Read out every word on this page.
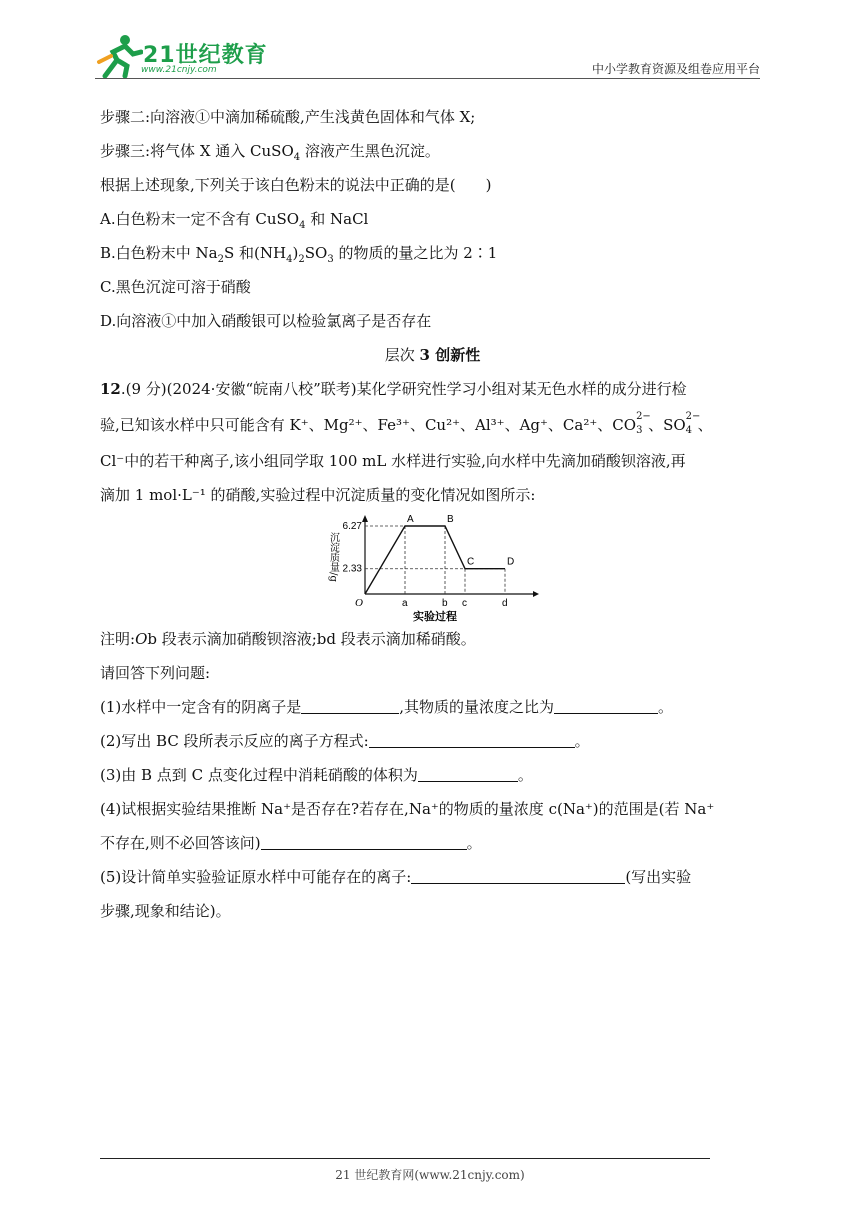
21世纪教育
www.21cnjy.com	中小学教育资源及组卷应用平台
步骤二:向溶液①中滴加稀硫酸,产生浅黄色固体和气体 X;
步骤三:将气体 X 通入 CuSO$_4$ 溶液产生黑色沉淀。
根据上述现象,下列关于该白色粉末的说法中正确的是(　　)
A.白色粉末一定不含有 CuSO$_4$ 和 NaCl
B.白色粉末中 $Na_2S$ 和$(NH_4)_2SO_3$ 的物质的量之比为 2∶1
C.黑色沉淀可溶于硝酸
D.向溶液①中加入硝酸银可以检验氯离子是否存在
层次 3 创新性
12.(9 分)(2024·安徽“皖南八校”联考)某化学研究性学习小组对某无色水样的成分进行检
验,已知该水样中只可能含有 K⁺、Mg²⁺、Fe³⁺、Cu²⁺、Al³⁺、Ag⁺、Ca²⁺、CO 2−
3 、SO 2−
4 、
Cl⁻中的若干种离子,该小组同学取 100 mL 水样进行实验,向水样中先滴加硝酸钡溶液,再
滴加 1 mol·L⁻¹ 的硝酸,实验过程中沉淀质量的变化情况如图所示:
A	B
C	D
O	a	b c	d
6.27
2.33
沉淀质量/g
实验过程
注明:Ob 段表示滴加硝酸钡溶液;bd 段表示滴加稀硝酸。
请回答下列问题:
(1)水样中一定含有的阴离子是	,其物质的量浓度之比为	。
(2)写出 BC 段所表示反应的离子方程式:	。
(3)由 B 点到 C 点变化过程中消耗硝酸的体积为	。
(4)试根据实验结果推断 Na⁺是否存在?若存在,Na⁺的物质的量浓度 c(Na⁺)的范围是(若 Na⁺
不存在,则不必回答该问)	。
(5)设计简单实验验证原水样中可能存在的离子:	(写出实验
步骤,现象和结论)。
21 世纪教育网(www.21cnjy.com)
